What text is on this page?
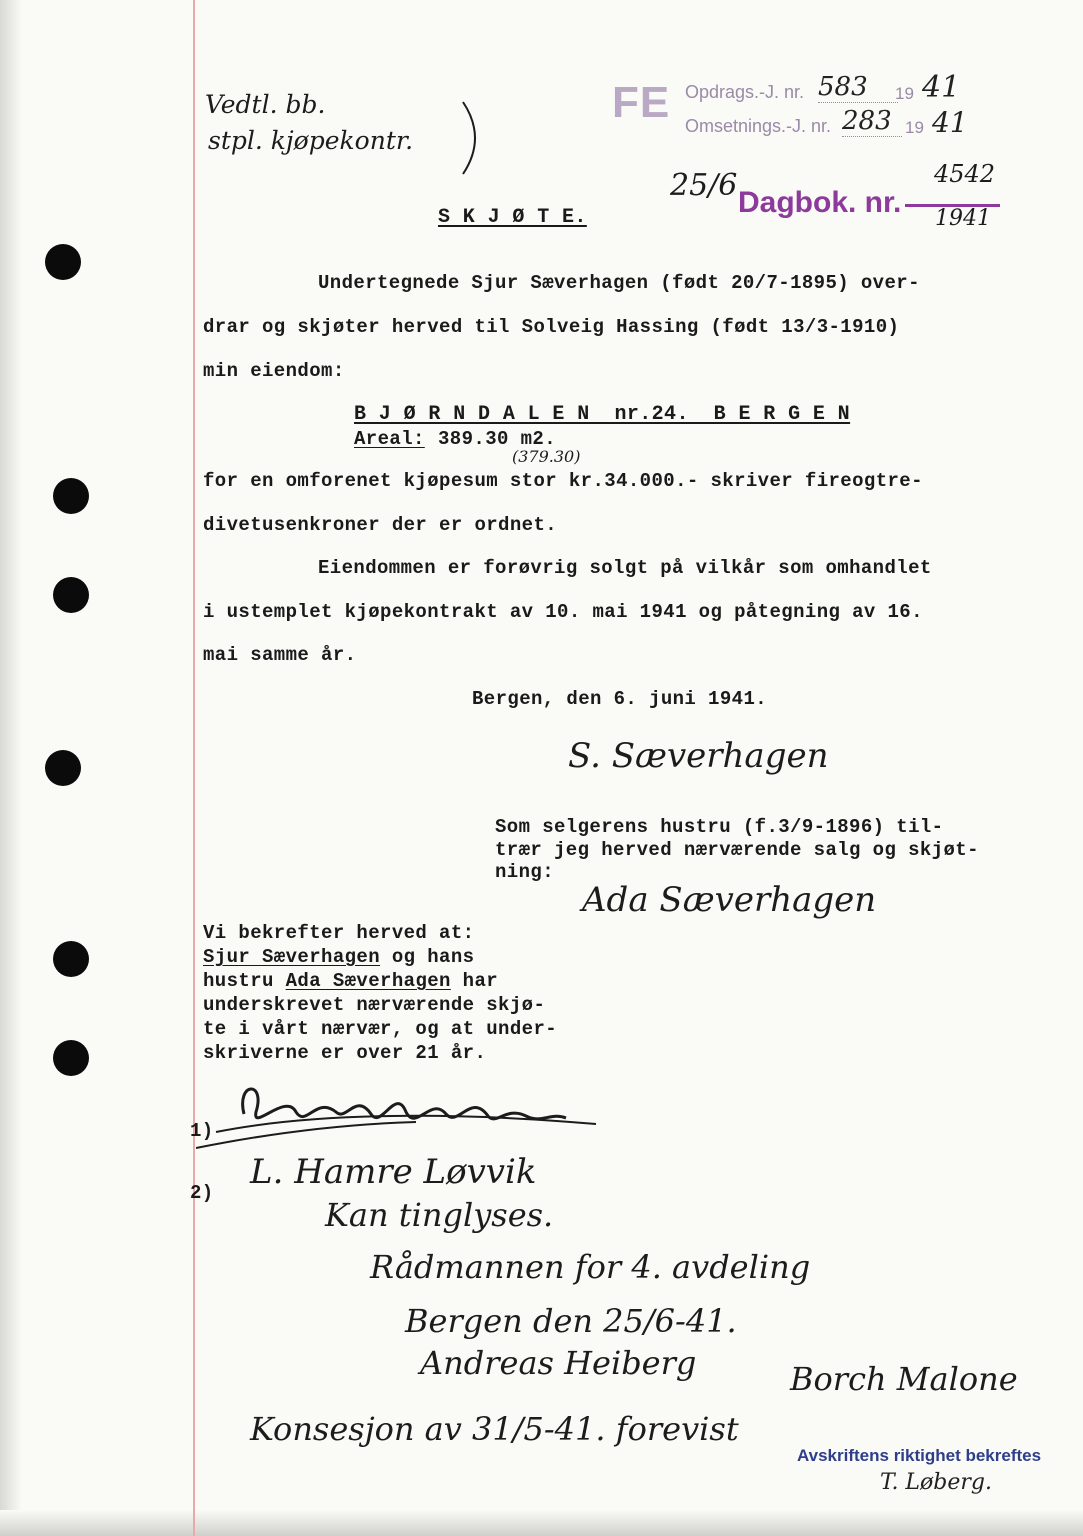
Vedtl. bb.
stpl. kjøpekontr.
FE Opdrags.-J. nr. 583 19 41
Omsetnings.-J. nr. 283 19 41
25/6 Dagbok. nr.
4542
1941
S K J Ø T E.
Undertegnede Sjur Sæverhagen (født 20/7-1895) over-
drar og skjøter herved til Solveig Hassing (født 13/3-1910)
min eiendom:
B J Ø R N D A L E N  nr.24.  B E R G E N
Areal: 389.30 m2.
(379.30)
for en omforenet kjøpesum stor kr.34.000.- skriver fireogtre-
divetusenkroner der er ordnet.
Eiendommen er forøvrig solgt på vilkår som omhandlet
i ustemplet kjøpekontrakt av 10. mai 1941 og påtegning av 16.
mai samme år.
Bergen, den 6. juni 1941.
S. Sæverhagen
Som selgerens hustru (f.3/9-1896) til-
trær jeg herved nærværende salg og skjøt-
ning:
Ada Sæverhagen
Vi bekrefter herved at:
Sjur Sæverhagen og hans
hustru Ada Sæverhagen har
underskrevet nærværende skjø-
te i vårt nærvær, og at under-
skriverne er over 21 år.
1)
2)
L. Hamre Løvvik
Kan tinglyses.
Rådmannen for 4. avdeling
Bergen den 25/6-41.
Andreas Heiberg	Borch Malone
Konsesjon av 31/5-41. forevist
Avskriftens riktighet bekreftes
T. Løberg.
